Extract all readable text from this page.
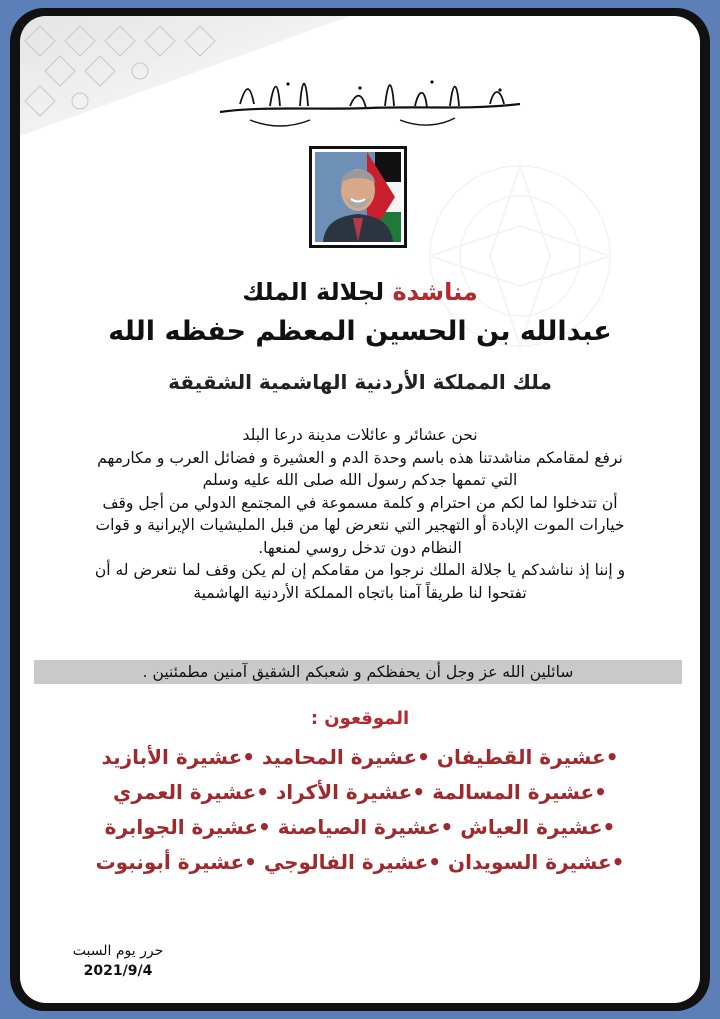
مناشدة لجلالة الملك
عبدالله بن الحسين المعظم حفظه الله
ملك المملكة الأردنية الهاشمية الشقيقة

نحن عشائر و عائلات مدينة درعا البلد

نرفع لمقامكم مناشدتنا هذه باسم وحدة الدم و العشيرة و فضائل العرب و مكارمهم

التي تممها جدكم رسول الله صلى الله عليه وسلم

أن تتدخلوا لما لكم من احترام و كلمة مسموعة في المجتمع الدولي من أجل وقف

خيارات الموت الإبادة أو التهجير التي نتعرض لها من قبل المليشيات الإيرانية و قوات

النظام دون تدخل روسي لمنعها.

و إننا إذ نناشدكم يا جلالة الملك نرجوا من مقامكم إن لم يكن وقف لما نتعرض له أن

تفتحوا لنا طريقاً آمنا باتجاه المملكة الأردنية الهاشمية

سائلين الله عز وجل أن يحفظكم و شعبكم الشقيق آمنين مطمئنين .
الموقعون :
•عشيرة القطيفان •عشيرة المحاميد •عشيرة الأبازيد
•عشيرة المسالمة •عشيرة الأكراد •عشيرة العمري
•عشيرة العياش •عشيرة الصياصنة •عشيرة الجوابرة
•عشيرة السويدان •عشيرة الفالوجي •عشيرة أبونبوت
حرر يوم السبت
2021/9/4
